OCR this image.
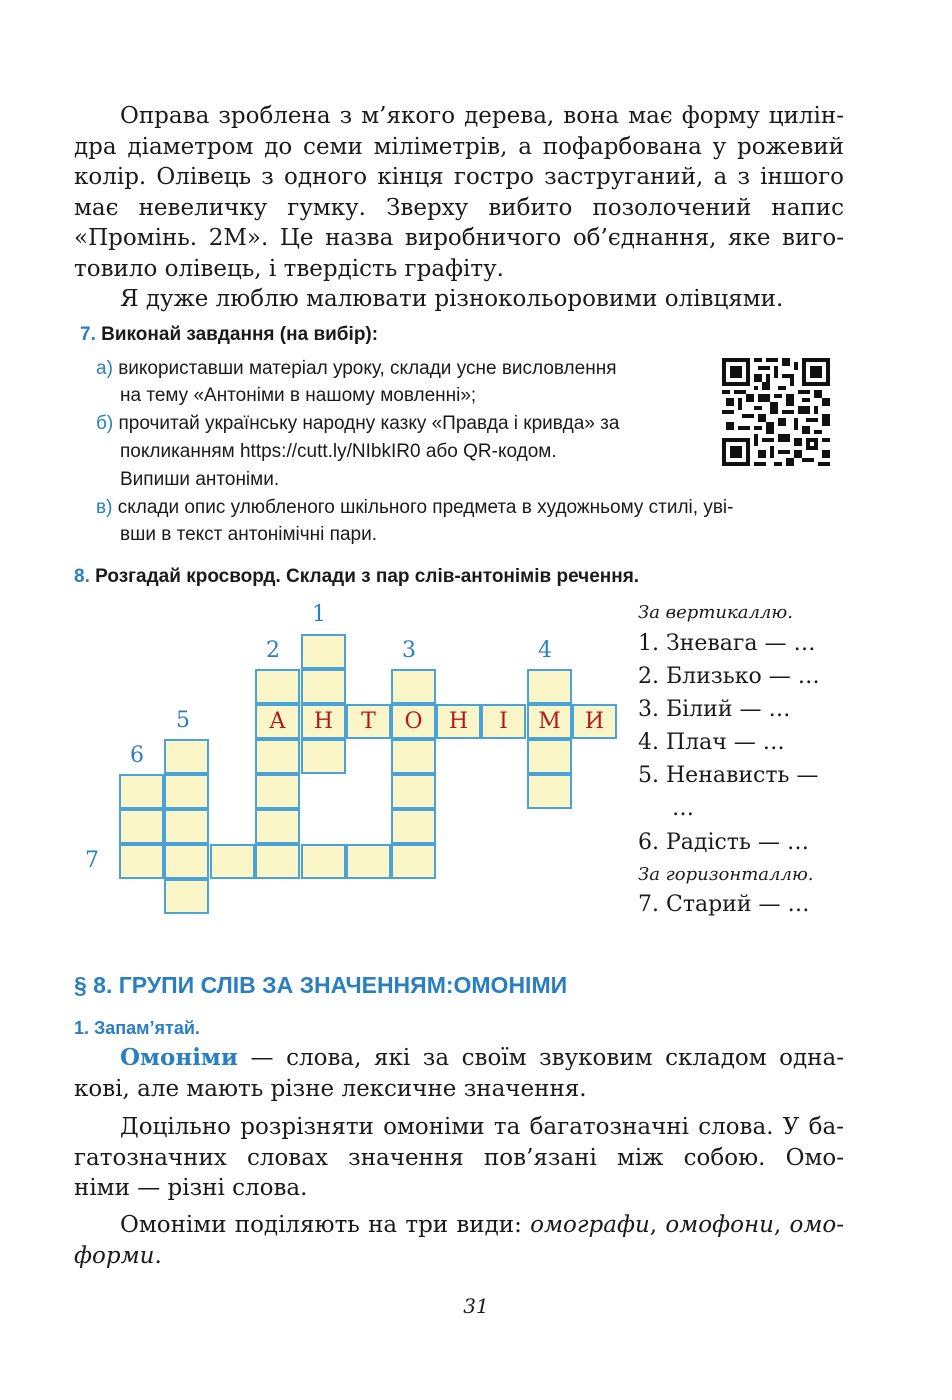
Оправа зроблена з м’якого дерева, вона має форму цилін-
дра діаметром до семи міліметрів, а пофарбована у рожевий
колір. Олівець з одного кінця гостро заструганий, а з іншого
має невеличку гумку. Зверху вибито позолочений напис
«Промінь. 2М». Це назва виробничого об’єднання, яке виго-
товило олівець, і твердість графіту.
Я дуже люблю малювати різнокольоровими олівцями.
7. Виконай завдання (на вибір):
а) використавши матеріал уроку, склади усне висловлення
на тему «Антоніми в нашому мовленні»;
б) прочитай українську народну казку «Правда і кривда» за
покликанням https://cutt.ly/NIbkIR0 або QR-кодом.
Випиши антоніми.
в) склади опис улюбленого шкільного предмета в художньому стилі, уві-
вши в текст антонімічні пари.
8. Розгадай кросворд. Склади з пар слів-антонімів речення.
1
2	3	4
5
6
7
А	Н	Т	О	Н	І	М	И
За вертикаллю.
1. Зневага — …
2. Близько — …
3. Білий — …
4. Плач — …
5. Ненависть —
…
6. Радість — …
За горизонталлю.
7. Старий — …
§ 8. ГРУПИ СЛІВ ЗА ЗНАЧЕННЯМ:ОМОНІМИ
1. Запам’ятай.
Омоніми — слова, які за своїм звуковим складом одна-
кові, але мають різне лексичне значення.
Доцільно розрізняти омоніми та багатозначні слова. У ба-
гатозначних словах значення пов’язані між собою. Омо-
німи — різні слова.
Омоніми поділяють на три види: омографи, омофони, омо-
форми.
31
